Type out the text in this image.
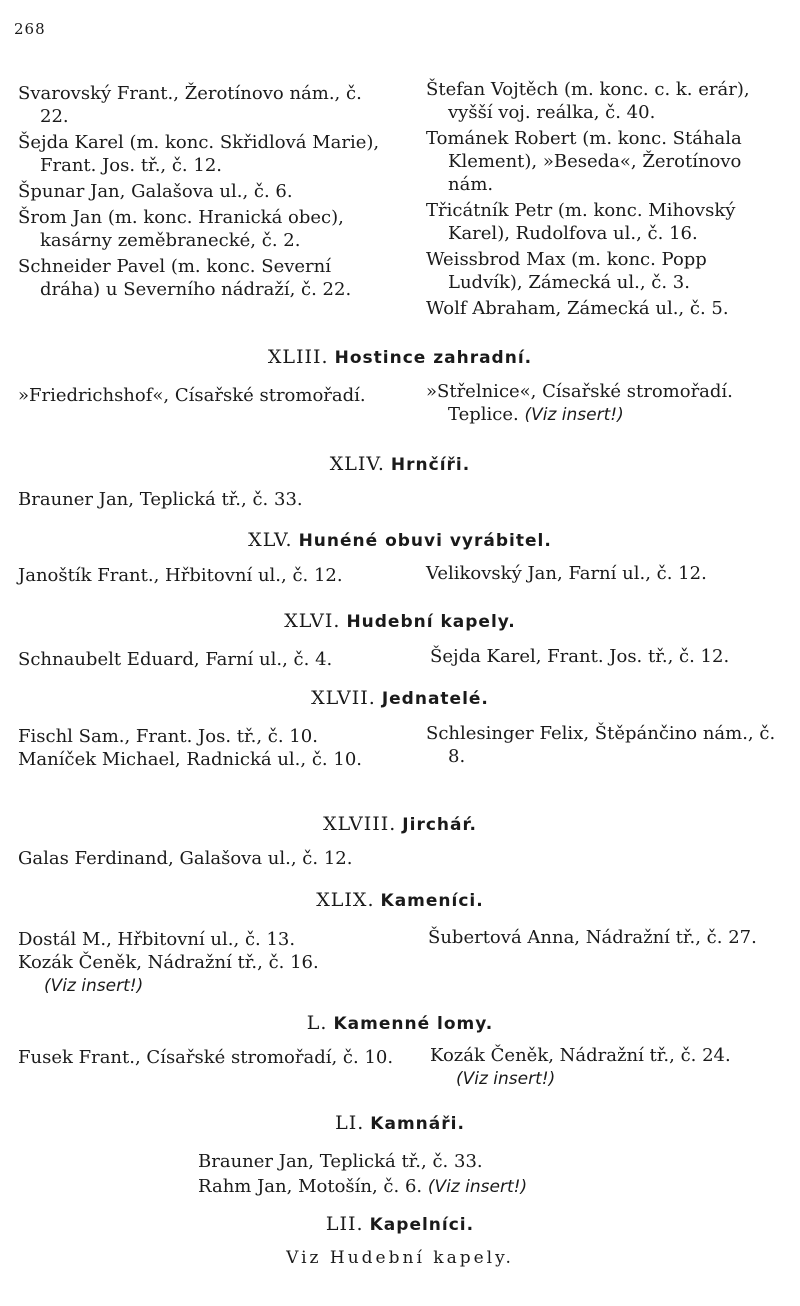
268

Svarovský Frant., Žerotínovo nám., č. 22.

Šejda Karel (m. konc. Skřidlová Marie), Frant. Jos. tř., č. 12.

Špunar Jan, Galašova ul., č. 6.

Šrom Jan (m. konc. Hranická obec), kasárny zeměbranecké, č. 2.

Schneider Pavel (m. konc. Severní dráha) u Severního nádraží, č. 22.

Štefan Vojtěch (m. konc. c. k. erár), vyšší voj. reálka, č. 40.

Tománek Robert (m. konc. Stáhala Klement), »Beseda«, Žerotínovo nám.

Třicátník Petr (m. konc. Mihovský Karel), Rudolfova ul., č. 16.

Weissbrod Max (m. konc. Popp Ludvík), Zámecká ul., č. 3.

Wolf Abraham, Zámecká ul., č. 5.

XLIII. Hostince zahradní.

»Friedrichshof«, Císařské stromořadí.	»Střelnice«, Císařské stromořadí. Teplice. (Viz insert!)

XLIV. Hrnčíři.

Brauner Jan, Teplická tř., č. 33.

XLV. Hunéné obuvi vyrábitel.

Janoštík Frant., Hřbitovní ul., č. 12.	Velikovský Jan, Farní ul., č. 12.

XLVI. Hudební kapely.

Schnaubelt Eduard, Farní ul., č. 4.	Šejda Karel, Frant. Jos. tř., č. 12.

XLVII. Jednatelé.

Fischl Sam., Frant. Jos. tř., č. 10.

Maníček Michael, Radnická ul., č. 10.

Schlesinger Felix, Štěpánčino nám., č. 8.

XLVIII. Jircháŕ.

Galas Ferdinand, Galašova ul., č. 12.

XLIX. Kameníci.

Dostál M., Hřbitovní ul., č. 13.

Kozák Čeněk, Nádražní tř., č. 16.

(Viz insert!)

Šubertová Anna, Nádražní tř., č. 27.

L. Kamenné lomy.

Fusek Frant., Císařské stromořadí, č. 10.	Kozák Čeněk, Nádražní tř., č. 24.

(Viz insert!)

LI. Kamnáři.
Brauner Jan, Teplická tř., č. 33.
Rahm Jan, Motošín, č. 6. (Viz insert!)
LII. Kapelníci.
Viz Hudební kapely.
